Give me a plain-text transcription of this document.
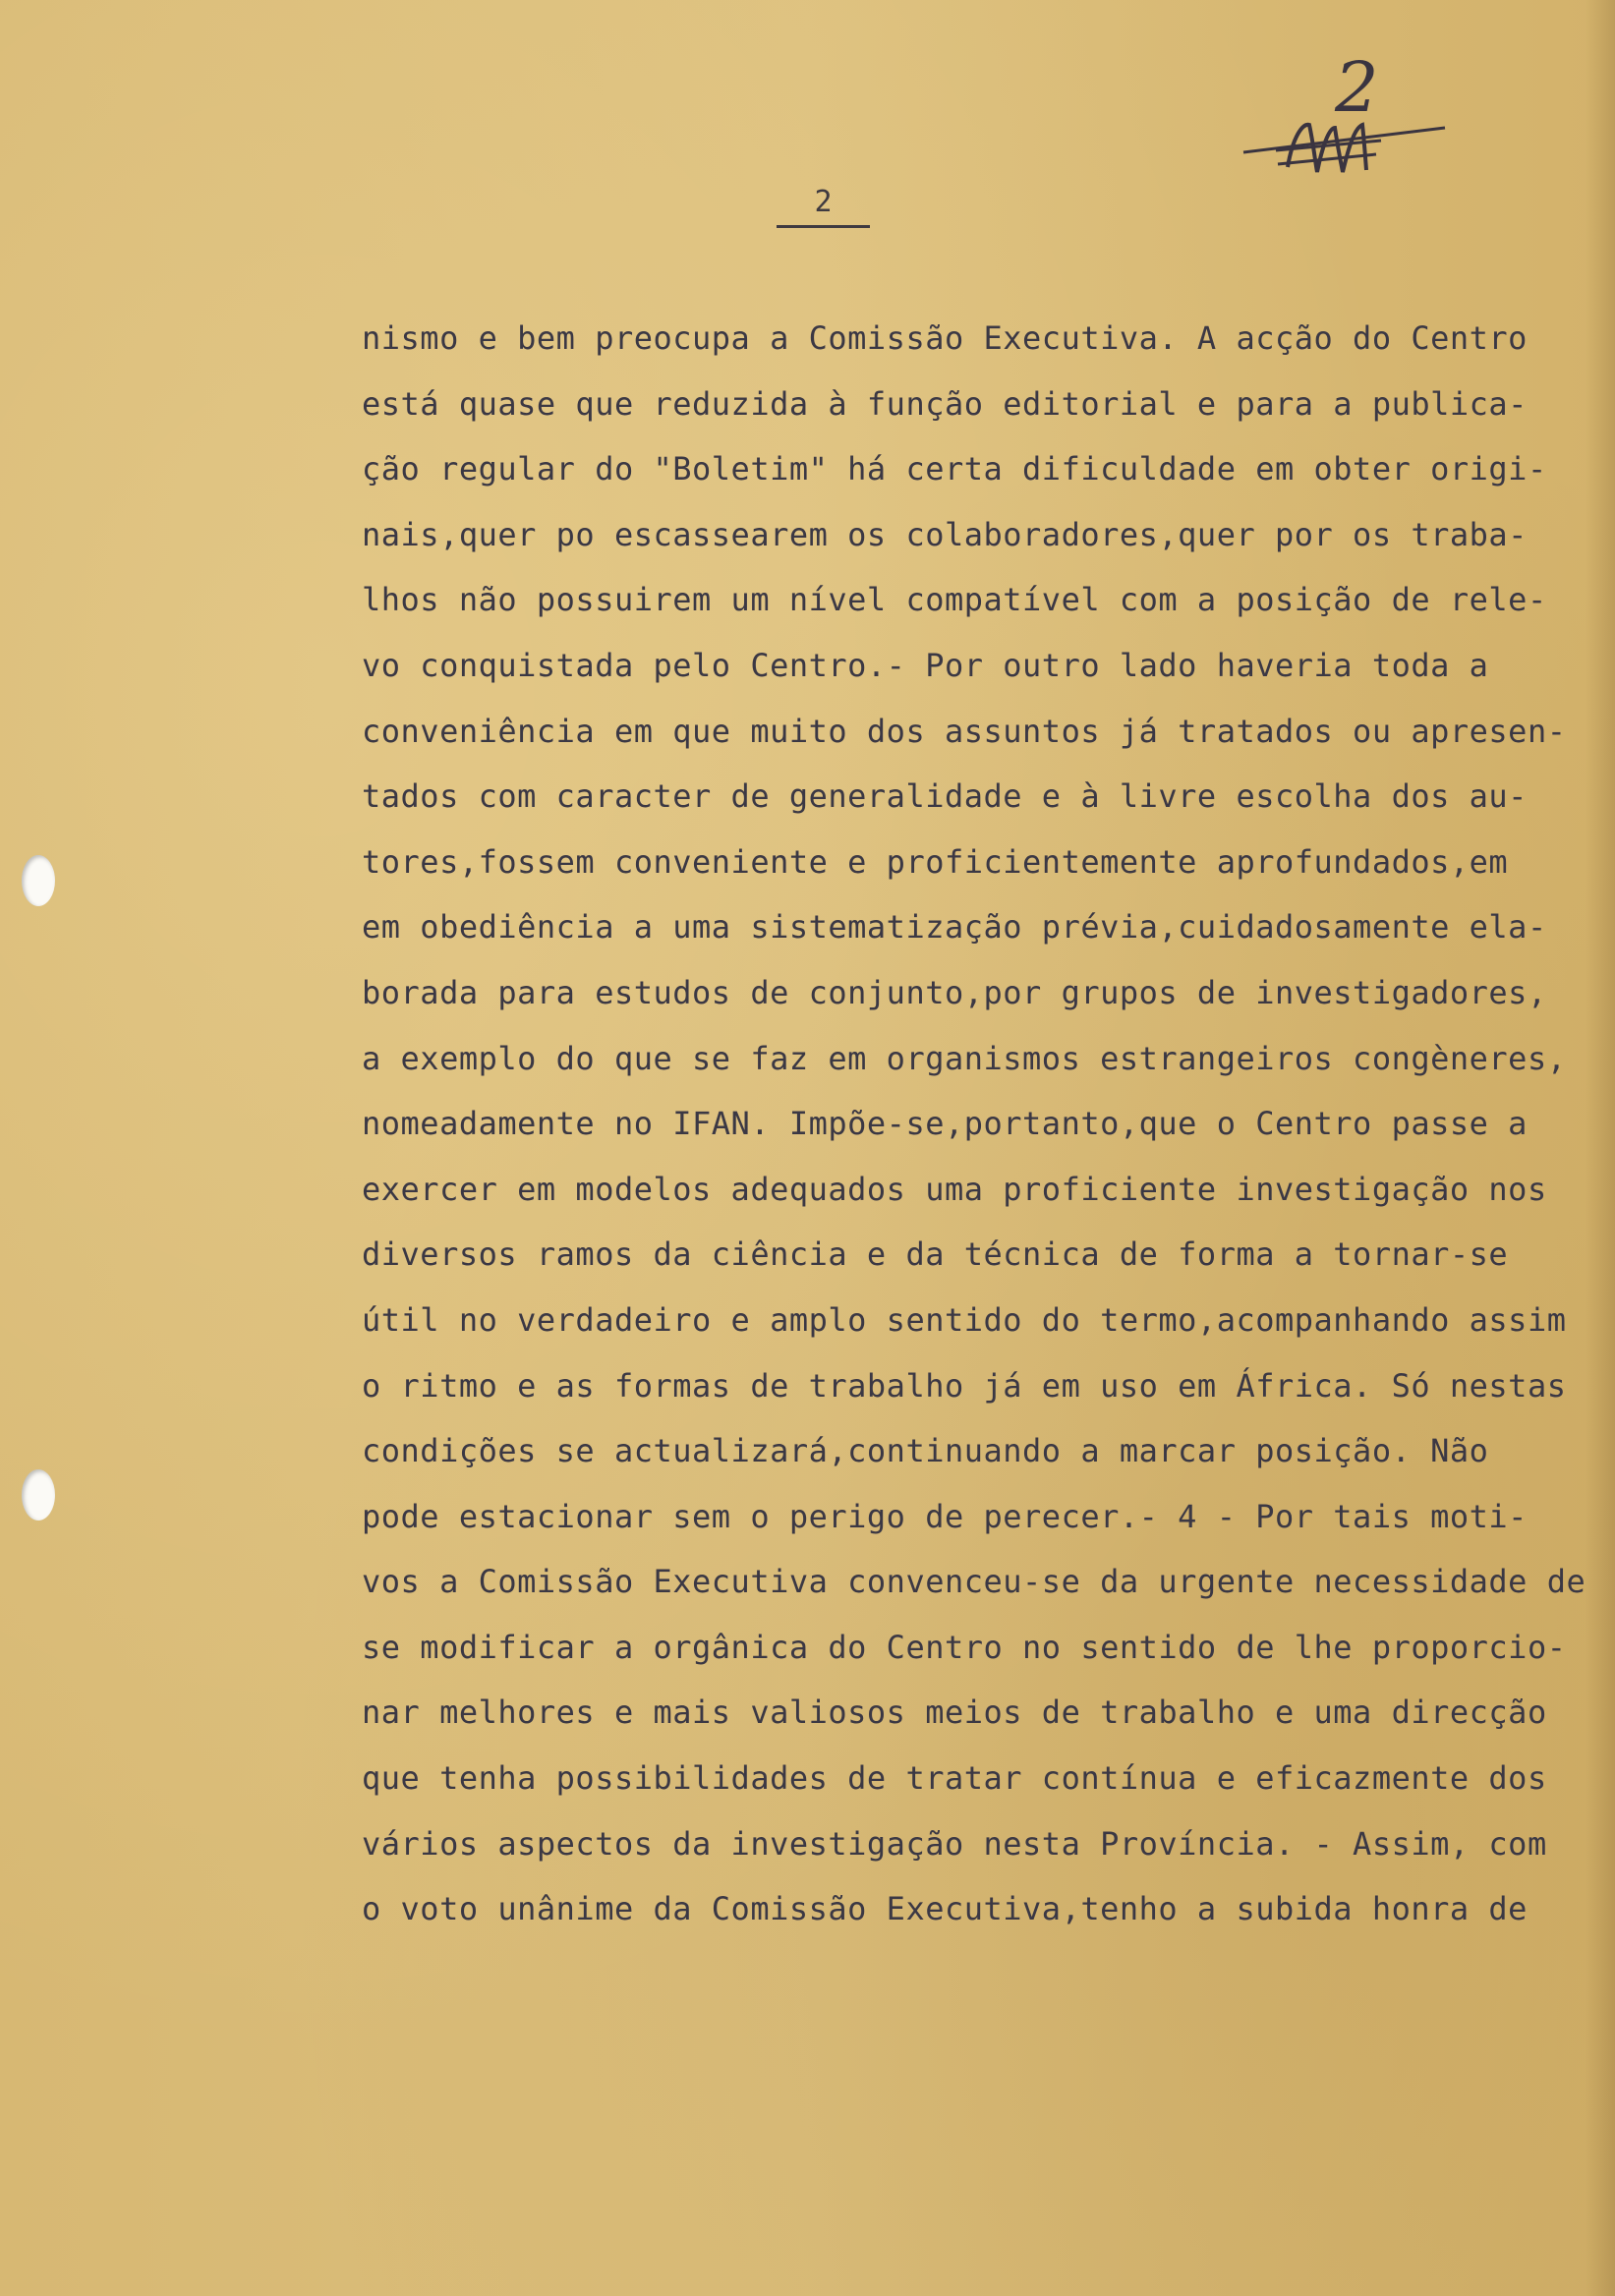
2
2
nismo e bem preocupa a Comissão Executiva. A acção do Centro
está quase que reduzida à função editorial e para a publica-
ção regular do "Boletim" há certa dificuldade em obter origi-
nais,quer po escassearem os colaboradores,quer por os traba-
lhos não possuirem um nível compatível com a posição de rele-
vo conquistada pelo Centro.- Por outro lado haveria toda a
conveniência em que muito dos assuntos já tratados ou apresen-
tados com caracter de generalidade e à livre escolha dos au-
tores,fossem conveniente e proficientemente aprofundados,em
em obediência a uma sistematização prévia,cuidadosamente ela-
borada para estudos de conjunto,por grupos de investigadores,
a exemplo do que se faz em organismos estrangeiros congèneres,
nomeadamente no IFAN. Impõe-se,portanto,que o Centro passe a
exercer em modelos adequados uma proficiente investigação nos
diversos ramos da ciência e da técnica de forma a tornar-se
útil no verdadeiro e amplo sentido do termo,acompanhando assim
o ritmo e as formas de trabalho já em uso em África. Só nestas
condições se actualizará,continuando a marcar posição. Não
pode estacionar sem o perigo de perecer.- 4 - Por tais moti-
vos a Comissão Executiva convenceu-se da urgente necessidade de
se modificar a orgânica do Centro no sentido de lhe proporcio-
nar melhores e mais valiosos meios de trabalho e uma direcção
que tenha possibilidades de tratar contínua e eficazmente dos
vários aspectos da investigação nesta Província. - Assim, com
o voto unânime da Comissão Executiva,tenho a subida honra de
